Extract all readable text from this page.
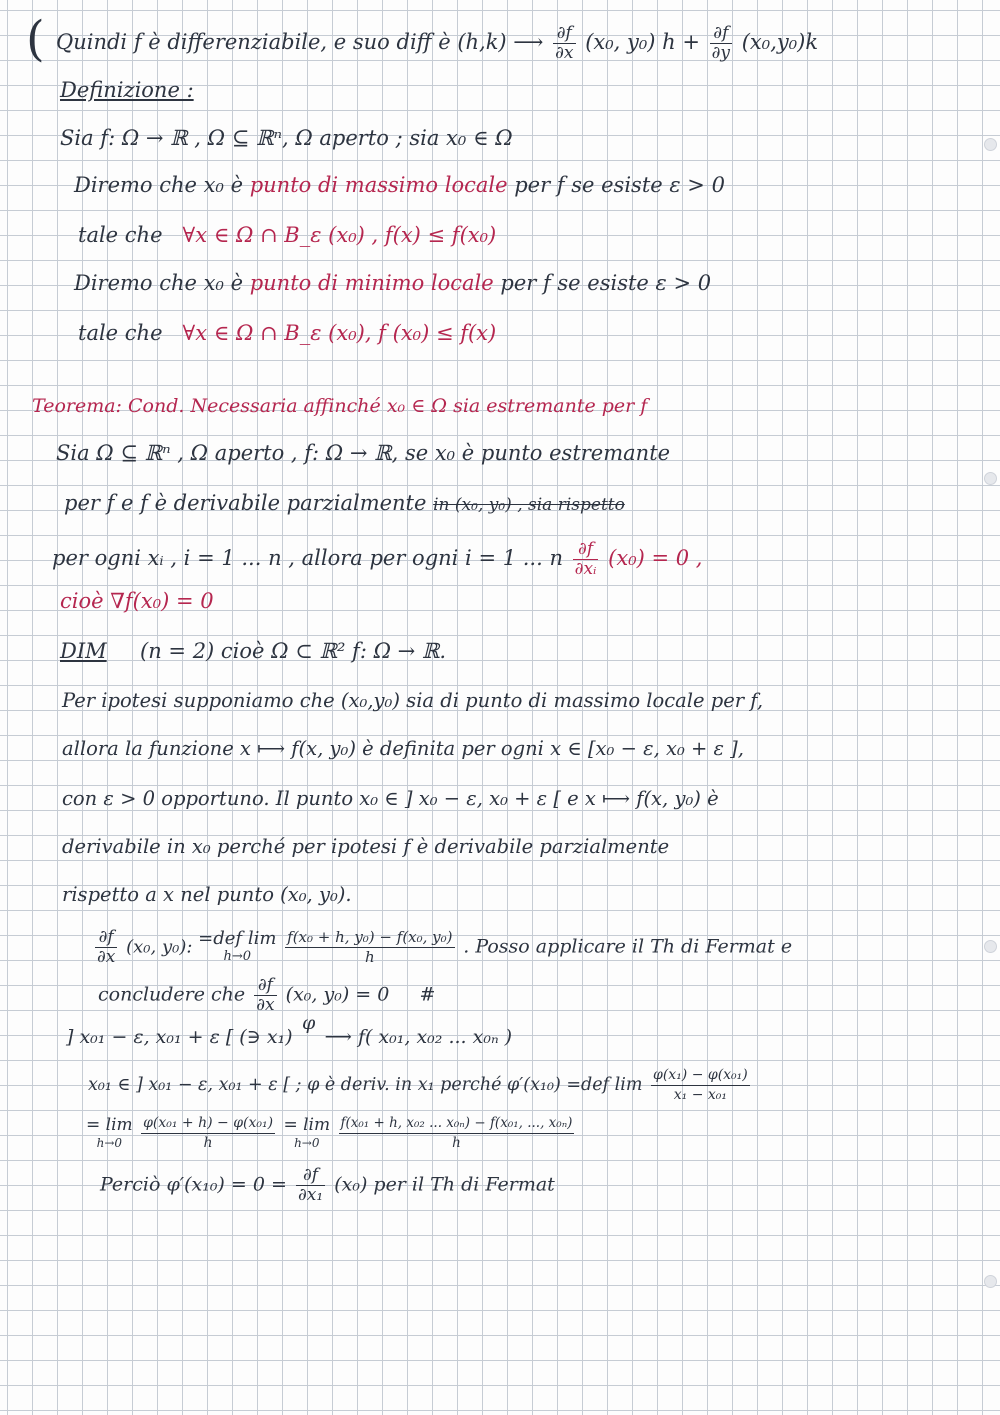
( Quindi f è differenziabile, e suo diff è (h,k) ⟶ $\frac{\partial f}{\partial x} (x_0$, y₀) $h + \frac{\partial f}{\partial y} (x_0,y_0)k$
Definizione :
Sia f: Ω → ℝ , Ω ⊆ ℝⁿ, Ω aperto ; sia x₀ ∈ Ω
Diremo che x₀ è punto di massimo locale per f se esiste ε > 0
tale che ∀x ∈ Ω ∩ B_ε (x₀) , f(x) ≤ f(x₀)
Diremo che x₀ è punto di minimo locale per f se esiste ε > 0
tale che ∀x ∈ Ω ∩ B_ε (x₀), f (x₀) ≤ f(x)
Teorema: Cond. Necessaria affinché x₀ ∈ Ω sia estremante per f
Sia Ω ⊆ ℝⁿ , Ω aperto , f: Ω → ℝ, se x₀ è punto estremante
per f e f è derivabile parzialmente in (x₀, y₀) , sia rispetto
per ogni xᵢ , i = 1 ... n , allora per ogni i = 1 ... n $\frac{\partial f}{\text{∂xᵢ}} (x_0) = 0$ ,
cioè ∇f(x₀) = 0
DIM (n = 2) cioè Ω ⊂ ℝ² f: Ω → ℝ.
Per ipotesi supponiamo che (x₀,y₀) sia di punto di massimo locale per f,
allora la funzione x ⟼ f(x, y₀) è definita per ogni x ∈ [x₀ − ε, x₀ + ε ],
con ε > 0 opportuno. Il punto x₀ ∈ ] x₀ − ε, x₀ + ε [ e x ⟼ f(x, y₀) è
derivabile in x₀ perché per ipotesi f è derivabile parzialmente
rispetto a x nel punto (x₀, y₀).
$\frac{\partial f}{\partial x} (x_0$, y₀): =def lim
h→0
	$\frac{\text{f(x₀ + h, y₀) − f(x₀, y₀)}}{h}$ . Posso applicare il Th di Fermat e
concludere che $\frac{\partial f}{\partial x} (x_0$, y₀) = 0 #
] x₀₁ − ε, x₀₁ + ε [ (∋ x₁) φ ⟶ f( x₀₁, x₀₂ ... x₀ₙ )
x₀₁ ∈ ] x₀₁ − ε, x₀₁ + ε [ ; φ è deriv. in x₁ perché φ′(x₁₀) =def $\lim \frac{\text{φ(x₁) − φ(x₀₁)}}{\text{x₁ − x₀₁}}$
= lim
h→0
	$\frac{\text{φ(x₀₁ + h) − φ(x₀₁)}}{h}$
= lim
h→0
	$\frac{\text{f(x₀₁ + h, x₀₂ ... x₀ₙ) − f(x₀₁, ..., x₀ₙ)}}{h}$
Perciò $\varphi'(x_{10}) = 0 = \frac{\partial f}{\text{∂x₁}} (x_0)$ per il Th di Fermat
